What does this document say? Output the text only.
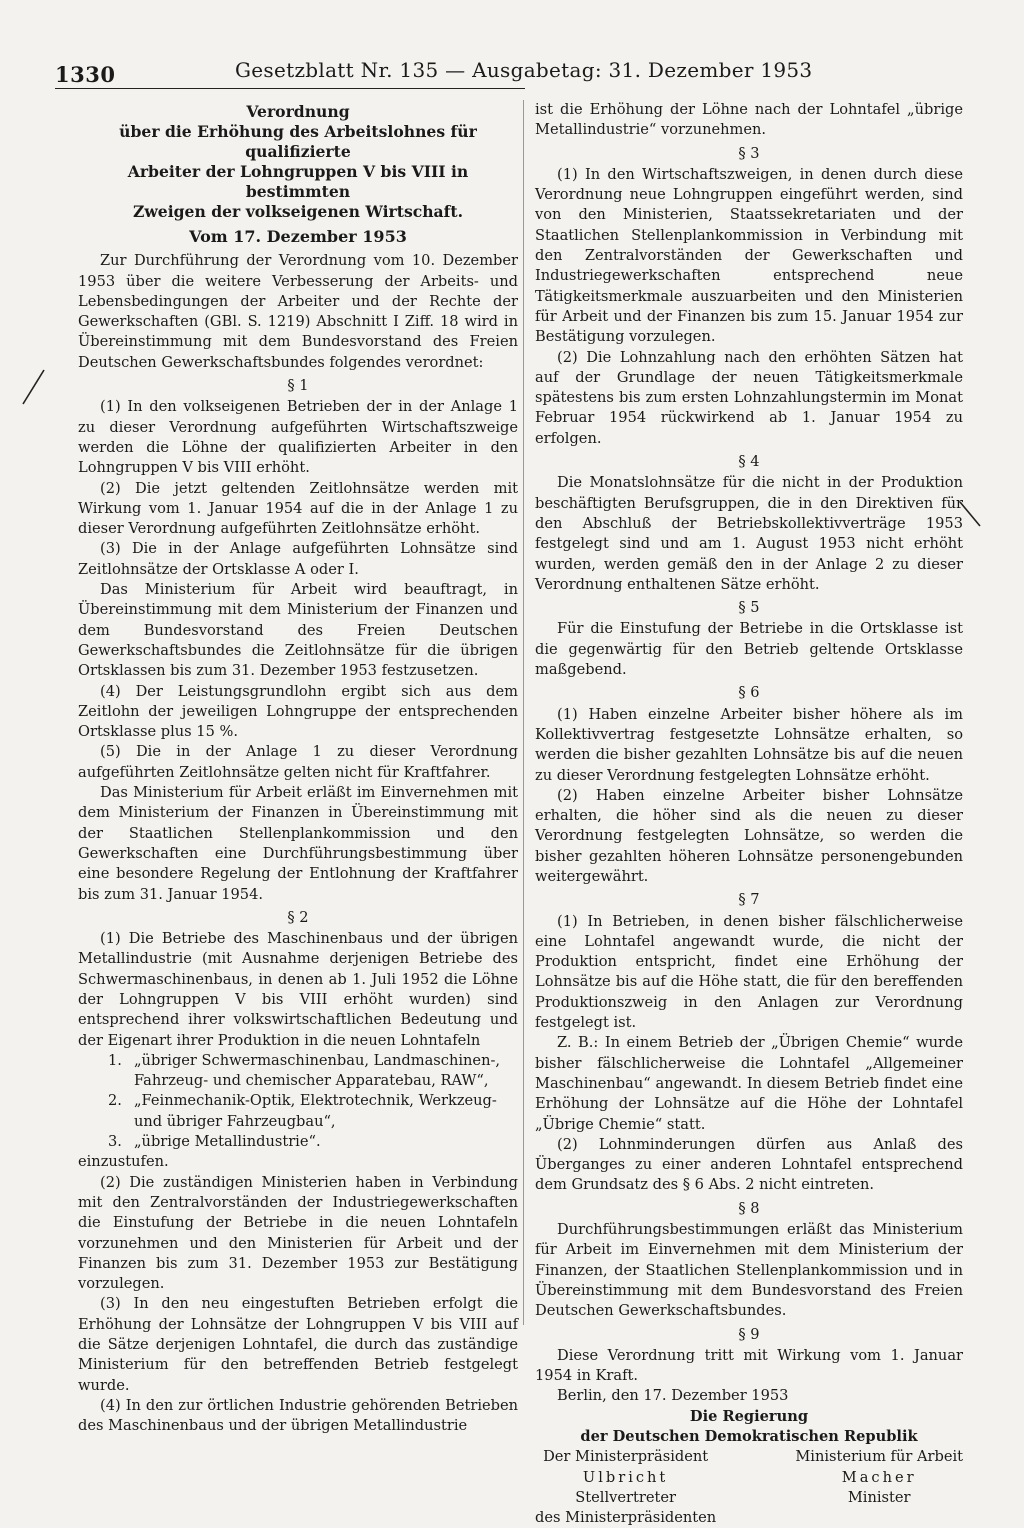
1330	Gesetzblatt Nr. 135 — Ausgabetag: 31. Dezember 1953
Verordnung
über die Erhöhung des Arbeitslohnes für qualifizierte
Arbeiter der Lohngruppen V bis VIII in bestimmten
Zweigen der volkseigenen Wirtschaft.
Vom 17. Dezember 1953

Zur Durchführung der Verordnung vom 10. Dezember 1953 über die weitere Verbesserung der Arbeits- und Lebensbedingungen der Arbeiter und der Rechte der Gewerkschaften (GBl. S. 1219) Abschnitt I Ziff. 18 wird in Übereinstimmung mit dem Bundesvorstand des Freien Deutschen Gewerkschaftsbundes folgendes verordnet:

§ 1

(1) In den volkseigenen Betrieben der in der Anlage 1 zu dieser Verordnung aufgeführten Wirtschaftszweige werden die Löhne der qualifizierten Arbeiter in den Lohngruppen V bis VIII erhöht.

(2) Die jetzt geltenden Zeitlohnsätze werden mit Wirkung vom 1. Januar 1954 auf die in der Anlage 1 zu dieser Verordnung aufgeführten Zeitlohnsätze erhöht.

(3) Die in der Anlage aufgeführten Lohnsätze sind Zeitlohnsätze der Ortsklasse A oder I.

Das Ministerium für Arbeit wird beauftragt, in Übereinstimmung mit dem Ministerium der Finanzen und dem Bundesvorstand des Freien Deutschen Gewerkschaftsbundes die Zeitlohnsätze für die übrigen Ortsklassen bis zum 31. Dezember 1953 festzusetzen.

(4) Der Leistungsgrundlohn ergibt sich aus dem Zeitlohn der jeweiligen Lohngruppe der entsprechenden Ortsklasse plus 15 %.

(5) Die in der Anlage 1 zu dieser Verordnung aufgeführten Zeitlohnsätze gelten nicht für Kraftfahrer.

Das Ministerium für Arbeit erläßt im Einvernehmen mit dem Ministerium der Finanzen in Übereinstimmung mit der Staatlichen Stellenplankommission und den Gewerkschaften eine Durchführungsbestimmung über eine besondere Regelung der Entlohnung der Kraftfahrer bis zum 31. Januar 1954.

§ 2

(1) Die Betriebe des Maschinenbaus und der übrigen Metallindustrie (mit Ausnahme derjenigen Betriebe des Schwermaschinenbaus, in denen ab 1. Juli 1952 die Löhne der Lohngruppen V bis VIII erhöht wurden) sind entsprechend ihrer volkswirtschaftlichen Bedeutung und der Eigenart ihrer Produktion in die neuen Lohntafeln

1. „übriger Schwermaschinenbau, Landmaschinen-, Fahrzeug- und chemischer Apparatebau, RAW“,
2. „Feinmechanik-Optik, Elektrotechnik, Werkzeug- und übriger Fahrzeugbau“,
3. „übrige Metallindustrie“.

einzustufen.

(2) Die zuständigen Ministerien haben in Verbindung mit den Zentralvorständen der Industriegewerkschaften die Einstufung der Betriebe in die neuen Lohntafeln vorzunehmen und den Ministerien für Arbeit und der Finanzen bis zum 31. Dezember 1953 zur Bestätigung vorzulegen.

(3) In den neu eingestuften Betrieben erfolgt die Erhöhung der Lohnsätze der Lohngruppen V bis VIII auf die Sätze derjenigen Lohntafel, die durch das zuständige Ministerium für den betreffenden Betrieb festgelegt wurde.

(4) In den zur örtlichen Industrie gehörenden Betrieben des Maschinenbaus und der übrigen Metallindustrie

ist die Erhöhung der Löhne nach der Lohntafel „übrige Metallindustrie“ vorzunehmen.

§ 3

(1) In den Wirtschaftszweigen, in denen durch diese Verordnung neue Lohngruppen eingeführt werden, sind von den Ministerien, Staatssekretariaten und der Staatlichen Stellenplankommission in Verbindung mit den Zentralvorständen der Gewerkschaften und Industriegewerkschaften entsprechend neue Tätigkeitsmerkmale auszuarbeiten und den Ministerien für Arbeit und der Finanzen bis zum 15. Januar 1954 zur Bestätigung vorzulegen.

(2) Die Lohnzahlung nach den erhöhten Sätzen hat auf der Grundlage der neuen Tätigkeitsmerkmale spätestens bis zum ersten Lohnzahlungstermin im Monat Februar 1954 rückwirkend ab 1. Januar 1954 zu erfolgen.

§ 4

Die Monatslohnsätze für die nicht in der Produktion beschäftigten Berufsgruppen, die in den Direktiven für den Abschluß der Betriebskollektivverträge 1953 festgelegt sind und am 1. August 1953 nicht erhöht wurden, werden gemäß den in der Anlage 2 zu dieser Verordnung enthaltenen Sätze erhöht.

§ 5

Für die Einstufung der Betriebe in die Ortsklasse ist die gegenwärtig für den Betrieb geltende Ortsklasse maßgebend.

§ 6

(1) Haben einzelne Arbeiter bisher höhere als im Kollektivvertrag festgesetzte Lohnsätze erhalten, so werden die bisher gezahlten Lohnsätze bis auf die neuen zu dieser Verordnung festgelegten Lohnsätze erhöht.

(2) Haben einzelne Arbeiter bisher Lohnsätze erhalten, die höher sind als die neuen zu dieser Verordnung festgelegten Lohnsätze, so werden die bisher gezahlten höheren Lohnsätze personengebunden weitergewährt.

§ 7

(1) In Betrieben, in denen bisher fälschlicherweise eine Lohntafel angewandt wurde, die nicht der Produktion entspricht, findet eine Erhöhung der Lohnsätze bis auf die Höhe statt, die für den bereffenden Produktionszweig in den Anlagen zur Verordnung festgelegt ist.

Z. B.: In einem Betrieb der „Übrigen Chemie“ wurde bisher fälschlicherweise die Lohntafel „Allgemeiner Maschinenbau“ angewandt. In diesem Betrieb findet eine Erhöhung der Lohnsätze auf die Höhe der Lohntafel „Übrige Chemie“ statt.

(2) Lohnminderungen dürfen aus Anlaß des Überganges zu einer anderen Lohntafel entsprechend dem Grundsatz des § 6 Abs. 2 nicht eintreten.

§ 8

Durchführungsbestimmungen erläßt das Ministerium für Arbeit im Einvernehmen mit dem Ministerium der Finanzen, der Staatlichen Stellenplankommission und in Übereinstimmung mit dem Bundesvorstand des Freien Deutschen Gewerkschaftsbundes.

§ 9

Diese Verordnung tritt mit Wirkung vom 1. Januar 1954 in Kraft.

Berlin, den 17. Dezember 1953

Die Regierung
der Deutschen Demokratischen Republik
Der Ministerpräsident
Ulbricht
Stellvertreter
des Ministerpräsidenten
Ministerium für Arbeit
Macher
Minister
